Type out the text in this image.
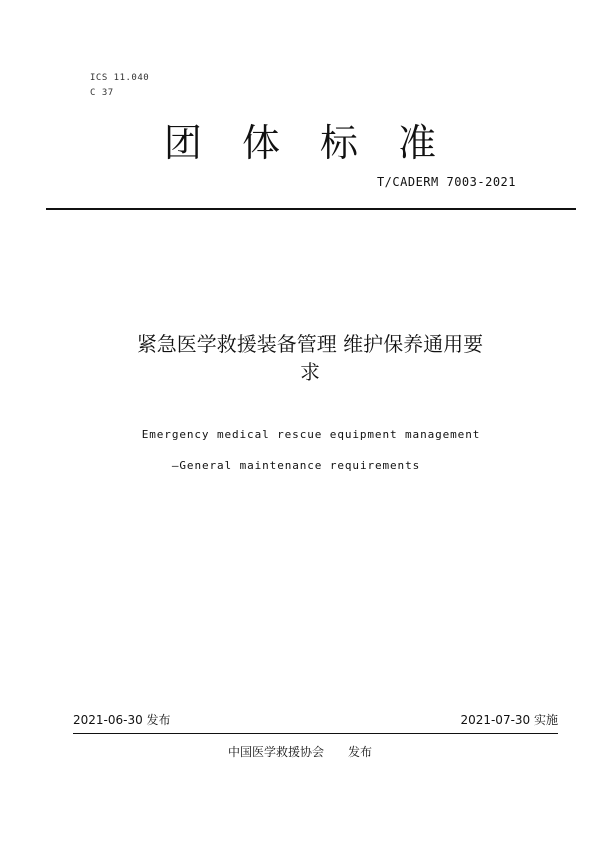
ICS 11.040
C 37
团 体 标 准
T/CADERM 7003-2021
紧急医学救援装备管理 维护保养通用要
求
Emergency medical rescue equipment management
—General maintenance requirements
2021-06-30 发布	2021-07-30 实施
中国医学救援协会 发布
